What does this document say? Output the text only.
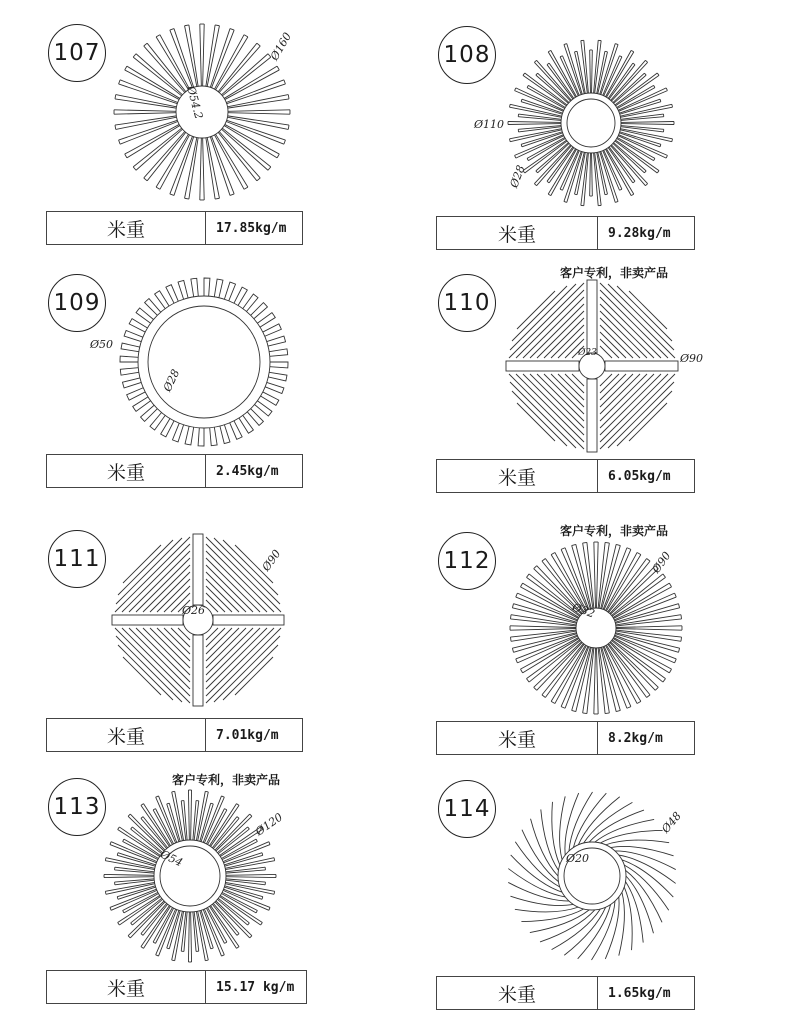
107	Ø160
Ø54.2
米重	17.85kg/m
108
Ø110
Ø28
米重	9.28kg/m
109
Ø50
Ø28
米重	2.45kg/m
客户专利，非卖产品
110
Ø90
Ø23
米重	6.05kg/m
111	Ø90
Ø26
米重	7.01kg/m
客户专利，非卖产品
112	Ø90
Ø32
米重	8.2kg/m
客户专利，非卖产品
113
Ø120
Ø54
米重	15.17 kg/m
114
Ø48
Ø20
米重	1.65kg/m
